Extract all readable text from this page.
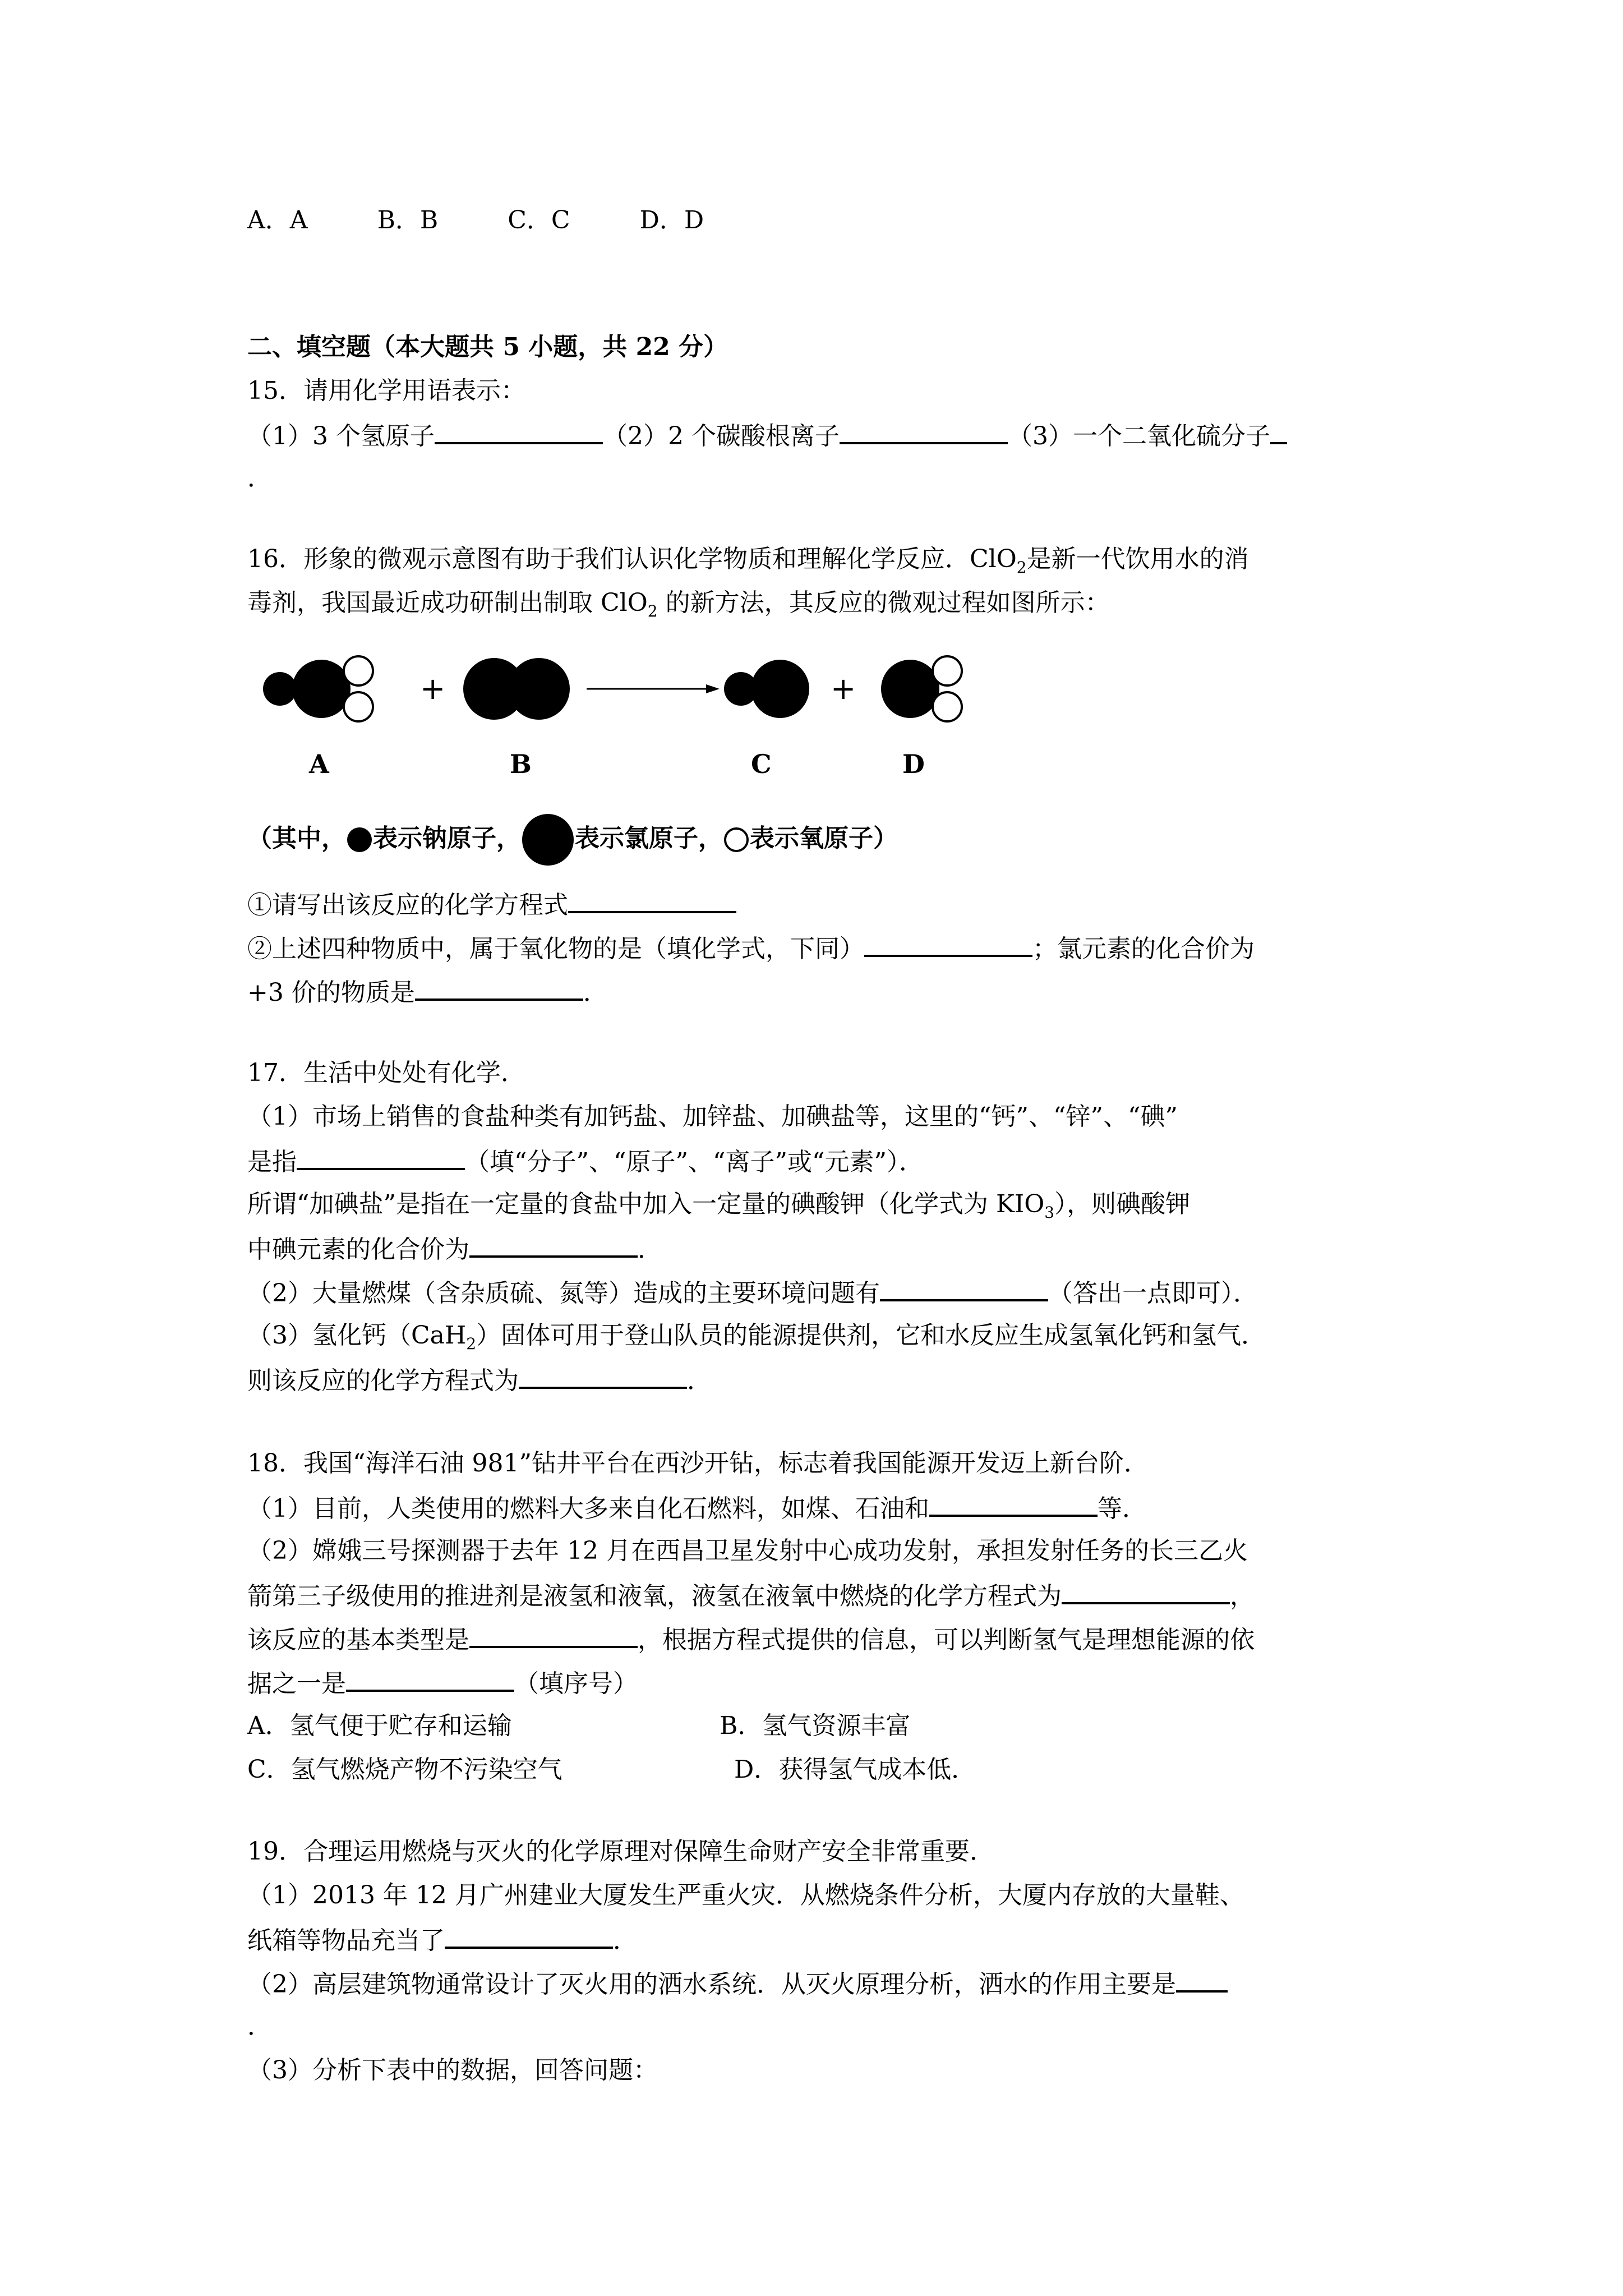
A．A	B．B	C．C	D．D
二、填空题（本大题共 5 小题，共 22 分）
15．请用化学用语表示：
（1）3 个氢原子	（2）2 个碳酸根离子	（3）一个二氧化硫分子
．
16．形象的微观示意图有助于我们认识化学物质和理解化学反应．ClO$_2$是新一代饮用水的消
毒剂，我国最近成功研制出制取 ClO$_2$ 的新方法，其反应的微观过程如图所示：
+	+
A	B	C	D
（其中， 表示钠原子， 表示氯原子， 表示氧原子）
①请写出该反应的化学方程式
②上述四种物质中，属于氧化物的是（填化学式，下同）	；氯元素的化合价为
+3 价的物质是	．
17．生活中处处有化学．
（1）市场上销售的食盐种类有加钙盐、加锌盐、加碘盐等，这里的“钙”、“锌”、“碘”
是指	（填“分子”、“原子”、“离子”或“元素”）．
所谓“加碘盐”是指在一定量的食盐中加入一定量的碘酸钾（化学式为 $KIO_3$），则碘酸钾
中碘元素的化合价为	．
（2）大量燃煤（含杂质硫、氮等）造成的主要环境问题有	（答出一点即可）．
（3）氢化钙（CaH$_2$）固体可用于登山队员的能源提供剂，它和水反应生成氢氧化钙和氢气．
则该反应的化学方程式为	．
18．我国“海洋石油 981”钻井平台在西沙开钻，标志着我国能源开发迈上新台阶．
（1）目前，人类使用的燃料大多来自化石燃料，如煤、石油和	等．
（2）嫦娥三号探测器于去年 12 月在西昌卫星发射中心成功发射，承担发射任务的长三乙火
箭第三子级使用的推进剂是液氢和液氧，液氢在液氧中燃烧的化学方程式为	，
该反应的基本类型是	，根据方程式提供的信息，可以判断氢气是理想能源的依
据之一是	（填序号）
A．氢气便于贮存和运输	B．氢气资源丰富
C．氢气燃烧产物不污染空气	D．获得氢气成本低．
19．合理运用燃烧与灭火的化学原理对保障生命财产安全非常重要．
（1）2013 年 12 月广州建业大厦发生严重火灾．从燃烧条件分析，大厦内存放的大量鞋、
纸箱等物品充当了	．
（2）高层建筑物通常设计了灭火用的洒水系统．从灭火原理分析，洒水的作用主要是
．
（3）分析下表中的数据，回答问题：
